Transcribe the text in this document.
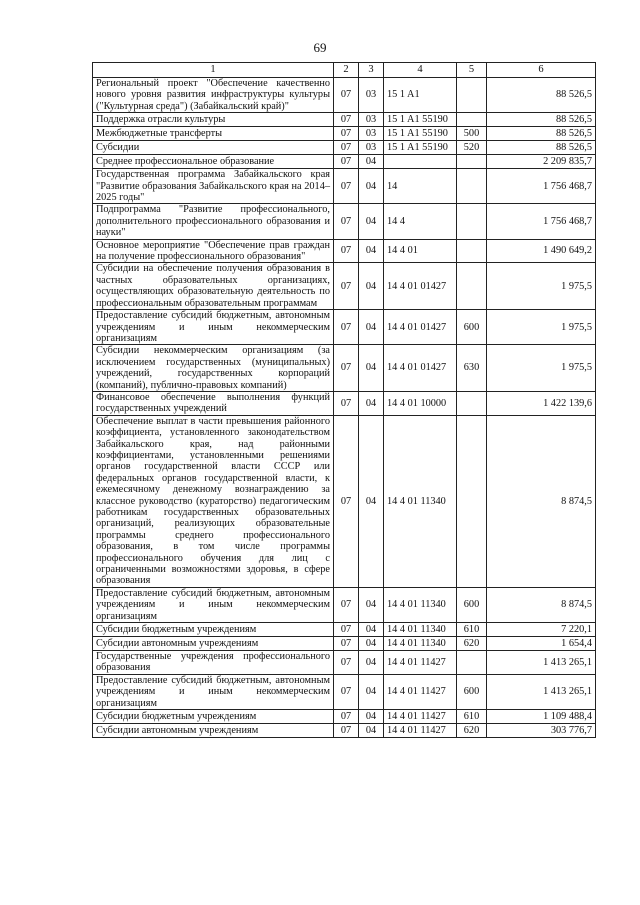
69
1	2	3	4	5	6
Региональный проект "Обеспечение качественно нового уровня развития инфраструктуры культуры ("Культурная среда") (Забайкальский край)"	07	03	15 1 A1		88 526,5
Поддержка отрасли культуры	07	03	15 1 A1 55190		88 526,5
Межбюджетные трансферты	07	03	15 1 A1 55190	500	88 526,5
Субсидии	07	03	15 1 A1 55190	520	88 526,5
Среднее профессиональное образование	07	04			2 209 835,7
Государственная программа Забайкальского края "Развитие образования Забайкальского края на 2014–2025 годы"	07	04	14		1 756 468,7
Подпрограмма "Развитие профессионального, дополнительного профессионального образования и науки"	07	04	14 4		1 756 468,7
Основное мероприятие "Обеспечение прав граждан на получение профессионального образования"	07	04	14 4 01		1 490 649,2
Субсидии на обеспечение получения образования в частных образовательных организациях, осуществляющих образовательную деятельность по профессиональным образовательным программам	07	04	14 4 01 01427		1 975,5
Предоставление субсидий бюджетным, автономным учреждениям и иным некоммерческим организациям	07	04	14 4 01 01427	600	1 975,5
Субсидии некоммерческим организациям (за исключением государственных (муниципальных) учреждений, государственных корпораций (компаний), публично-правовых компаний)	07	04	14 4 01 01427	630	1 975,5
Финансовое обеспечение выполнения функций государственных учреждений	07	04	14 4 01 10000		1 422 139,6
Обеспечение выплат в части превышения районного коэффициента, установленного законодательством Забайкальского края, над районными коэффициентами, установленными решениями органов государственной власти СССР или федеральных органов государственной власти, к ежемесячному денежному вознаграждению за классное руководство (кураторство) педагогическим работникам государственных образовательных организаций, реализующих образовательные программы среднего профессионального образования, в том числе программы профессионального обучения для лиц с ограниченными возможностями здоровья, в сфере образования	07	04	14 4 01 11340		8 874,5
Предоставление субсидий бюджетным, автономным учреждениям и иным некоммерческим организациям	07	04	14 4 01 11340	600	8 874,5
Субсидии бюджетным учреждениям	07	04	14 4 01 11340	610	7 220,1
Субсидии автономным учреждениям	07	04	14 4 01 11340	620	1 654,4
Государственные учреждения профессионального образования	07	04	14 4 01 11427		1 413 265,1
Предоставление субсидий бюджетным, автономным учреждениям и иным некоммерческим организациям	07	04	14 4 01 11427	600	1 413 265,1
Субсидии бюджетным учреждениям	07	04	14 4 01 11427	610	1 109 488,4
Субсидии автономным учреждениям	07	04	14 4 01 11427	620	303 776,7
